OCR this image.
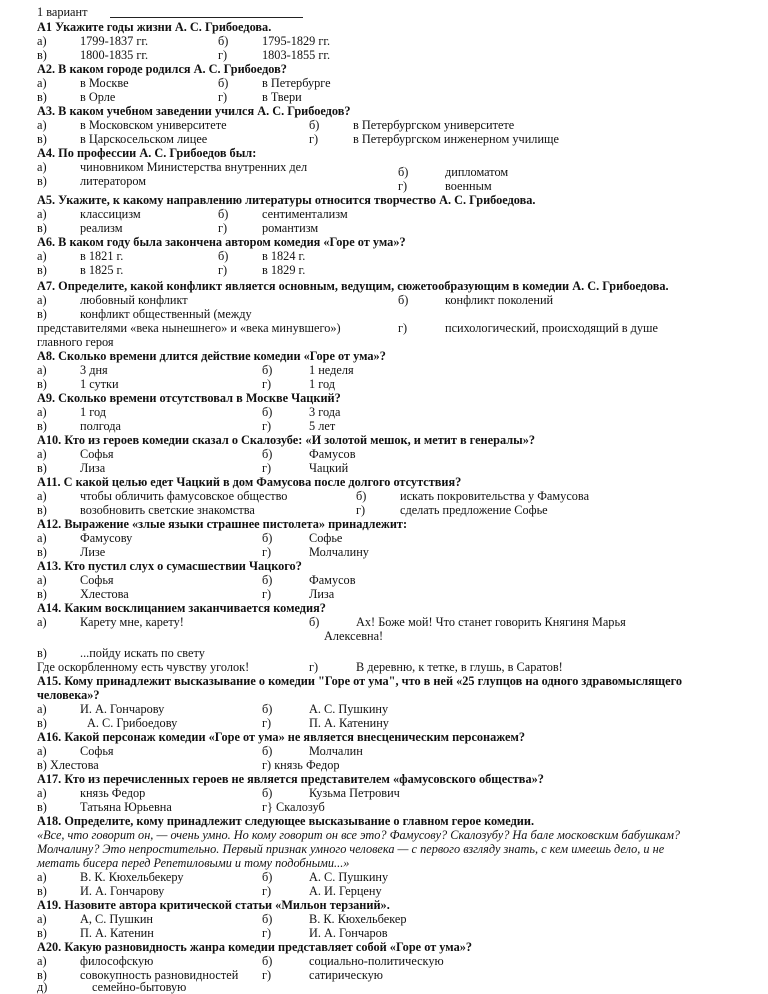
1 вариант
А1 Укажите годы жизни А. С. Грибоедова.
а)	1799-1837 гг.	б)	1795-1829 гг.
в)	1800-1835 гг.	г)	1803-1855 гг.
А2. В каком городе родился А. С. Грибоедов?
а)	в Москве	б)	в Петербурге
в)	в Орле	г)	в Твери
А3. В каком учебном заведении учился А. С. Грибоедов?
а)	в Московском университете	б)	в Петербургском университете
в)	в Царскосельском лицее	г)	в Петербургском инженерном училище
А4. По профессии А. С. Грибоедов был:
а)	чиновником Министерства внутренних дел	б)	дипломатом
в)	литератором	г)	военным
А5. Укажите, к какому направлению литературы относится творчество А. С. Грибоедова.
а)	классицизм	б)	сентиментализм
в)	реализм	г)	романтизм
А6. В каком году была закончена автором комедия «Горе от ума»?
а)	в 1821 г.	б)	в 1824 г.
в)	в 1825 г.	г)	в 1829 г.
А7. Определите, какой конфликт является основным, ведущим, сюжетообразующим в комедии А. С. Грибоедова.
а)	любовный конфликт	б)	конфликт поколений
в)	конфликт общественный (между
представителями «века нынешнего» и «века минувшего»)	г)	психологический, происходящий в душе
главного героя
А8. Сколько времени длится действие комедии «Горе от ума»?
а)	3 дня	б)	1 неделя
в)	1 сутки	г)	1 год
А9. Сколько времени отсутствовал в Москве Чацкий?
а)	1 год	б)	3 года
в)	полгода	г)	5 лет
А10. Кто из героев комедии сказал о Скалозубе: «И золотой мешок, и метит в генералы»?
а)	Софья	б)	Фамусов
в)	Лиза	г)	Чацкий
А11. С какой целью едет Чацкий в дом Фамусова после долгого отсутствия?
а)	чтобы обличить фамусовское общество	б)	искать покровительства у Фамусова
в)	возобновить светские знакомства	г)	сделать предложение Софье
А12. Выражение «злые языки страшнее пистолета» принадлежит:
а)	Фамусову	б)	Софье
в)	Лизе	г)	Молчалину
А13. Кто пустил слух о сумасшествии Чацкого?
а)	Софья	б)	Фамусов
в)	Хлестова	г)	Лиза
А14. Каким восклицанием заканчивается комедия?
а)	Карету мне, карету!	б)	Ах! Боже мой! Что станет говорить Княгиня Марья
Алексевна!
в)	...пойду искать по свету
Где оскорбленному есть чувству уголок!	г)	В деревню, к тетке, в глушь, в Саратов!
А15. Кому принадлежит высказывание о комедии "Горе от ума", что в ней «25 глупцов на одного здравомыслящего
человека»?
а)	И. А. Гончарову	б)	А. С. Пушкину
в)	А. С. Грибоедову	г)	П. А. Катенину
А16. Какой персонаж комедии «Горе от ума» не является внесценическим персонажем?
а)	Софья	б)	Молчалин
в) Хлестова	г) князь Федор
А17. Кто из перечисленных героев не является представителем «фамусовского общества»?
а)	князь Федор	б)	Кузьма Петрович
в)	Татьяна Юрьевна	г} Скалозуб
А18. Определите, кому принадлежит следующее высказывание о главном герое комедии.
«Все, что говорит он, — очень умно. Но кому говорит он все это? Фамусову? Скалозубу? На бале московским бабушкам?
Молчалину? Это непростительно. Первый признак умного человека — с первого взгляду знать, с кем имеешь дело, и не
метать бисера перед Репетиловыми и тому подобными...»
а)	В. К. Кюхельбекеру	б)	А. С. Пушкину
в)	И. А. Гончарову	г)	А. И. Герцену
А19. Назовите автора критической статьи «Мильон терзаний».
а)	А, С. Пушкин	б)	В. К. Кюхельбекер
в)	П. А. Катенин	г)	И. А. Гончаров
А20. Какую разновидность жанра комедии представляет собой «Горе от ума»?
а)	философскую	б)	социально-политическую
в)	совокупность разновидностей г)	сатирическую
д)	семейно-бытовую
